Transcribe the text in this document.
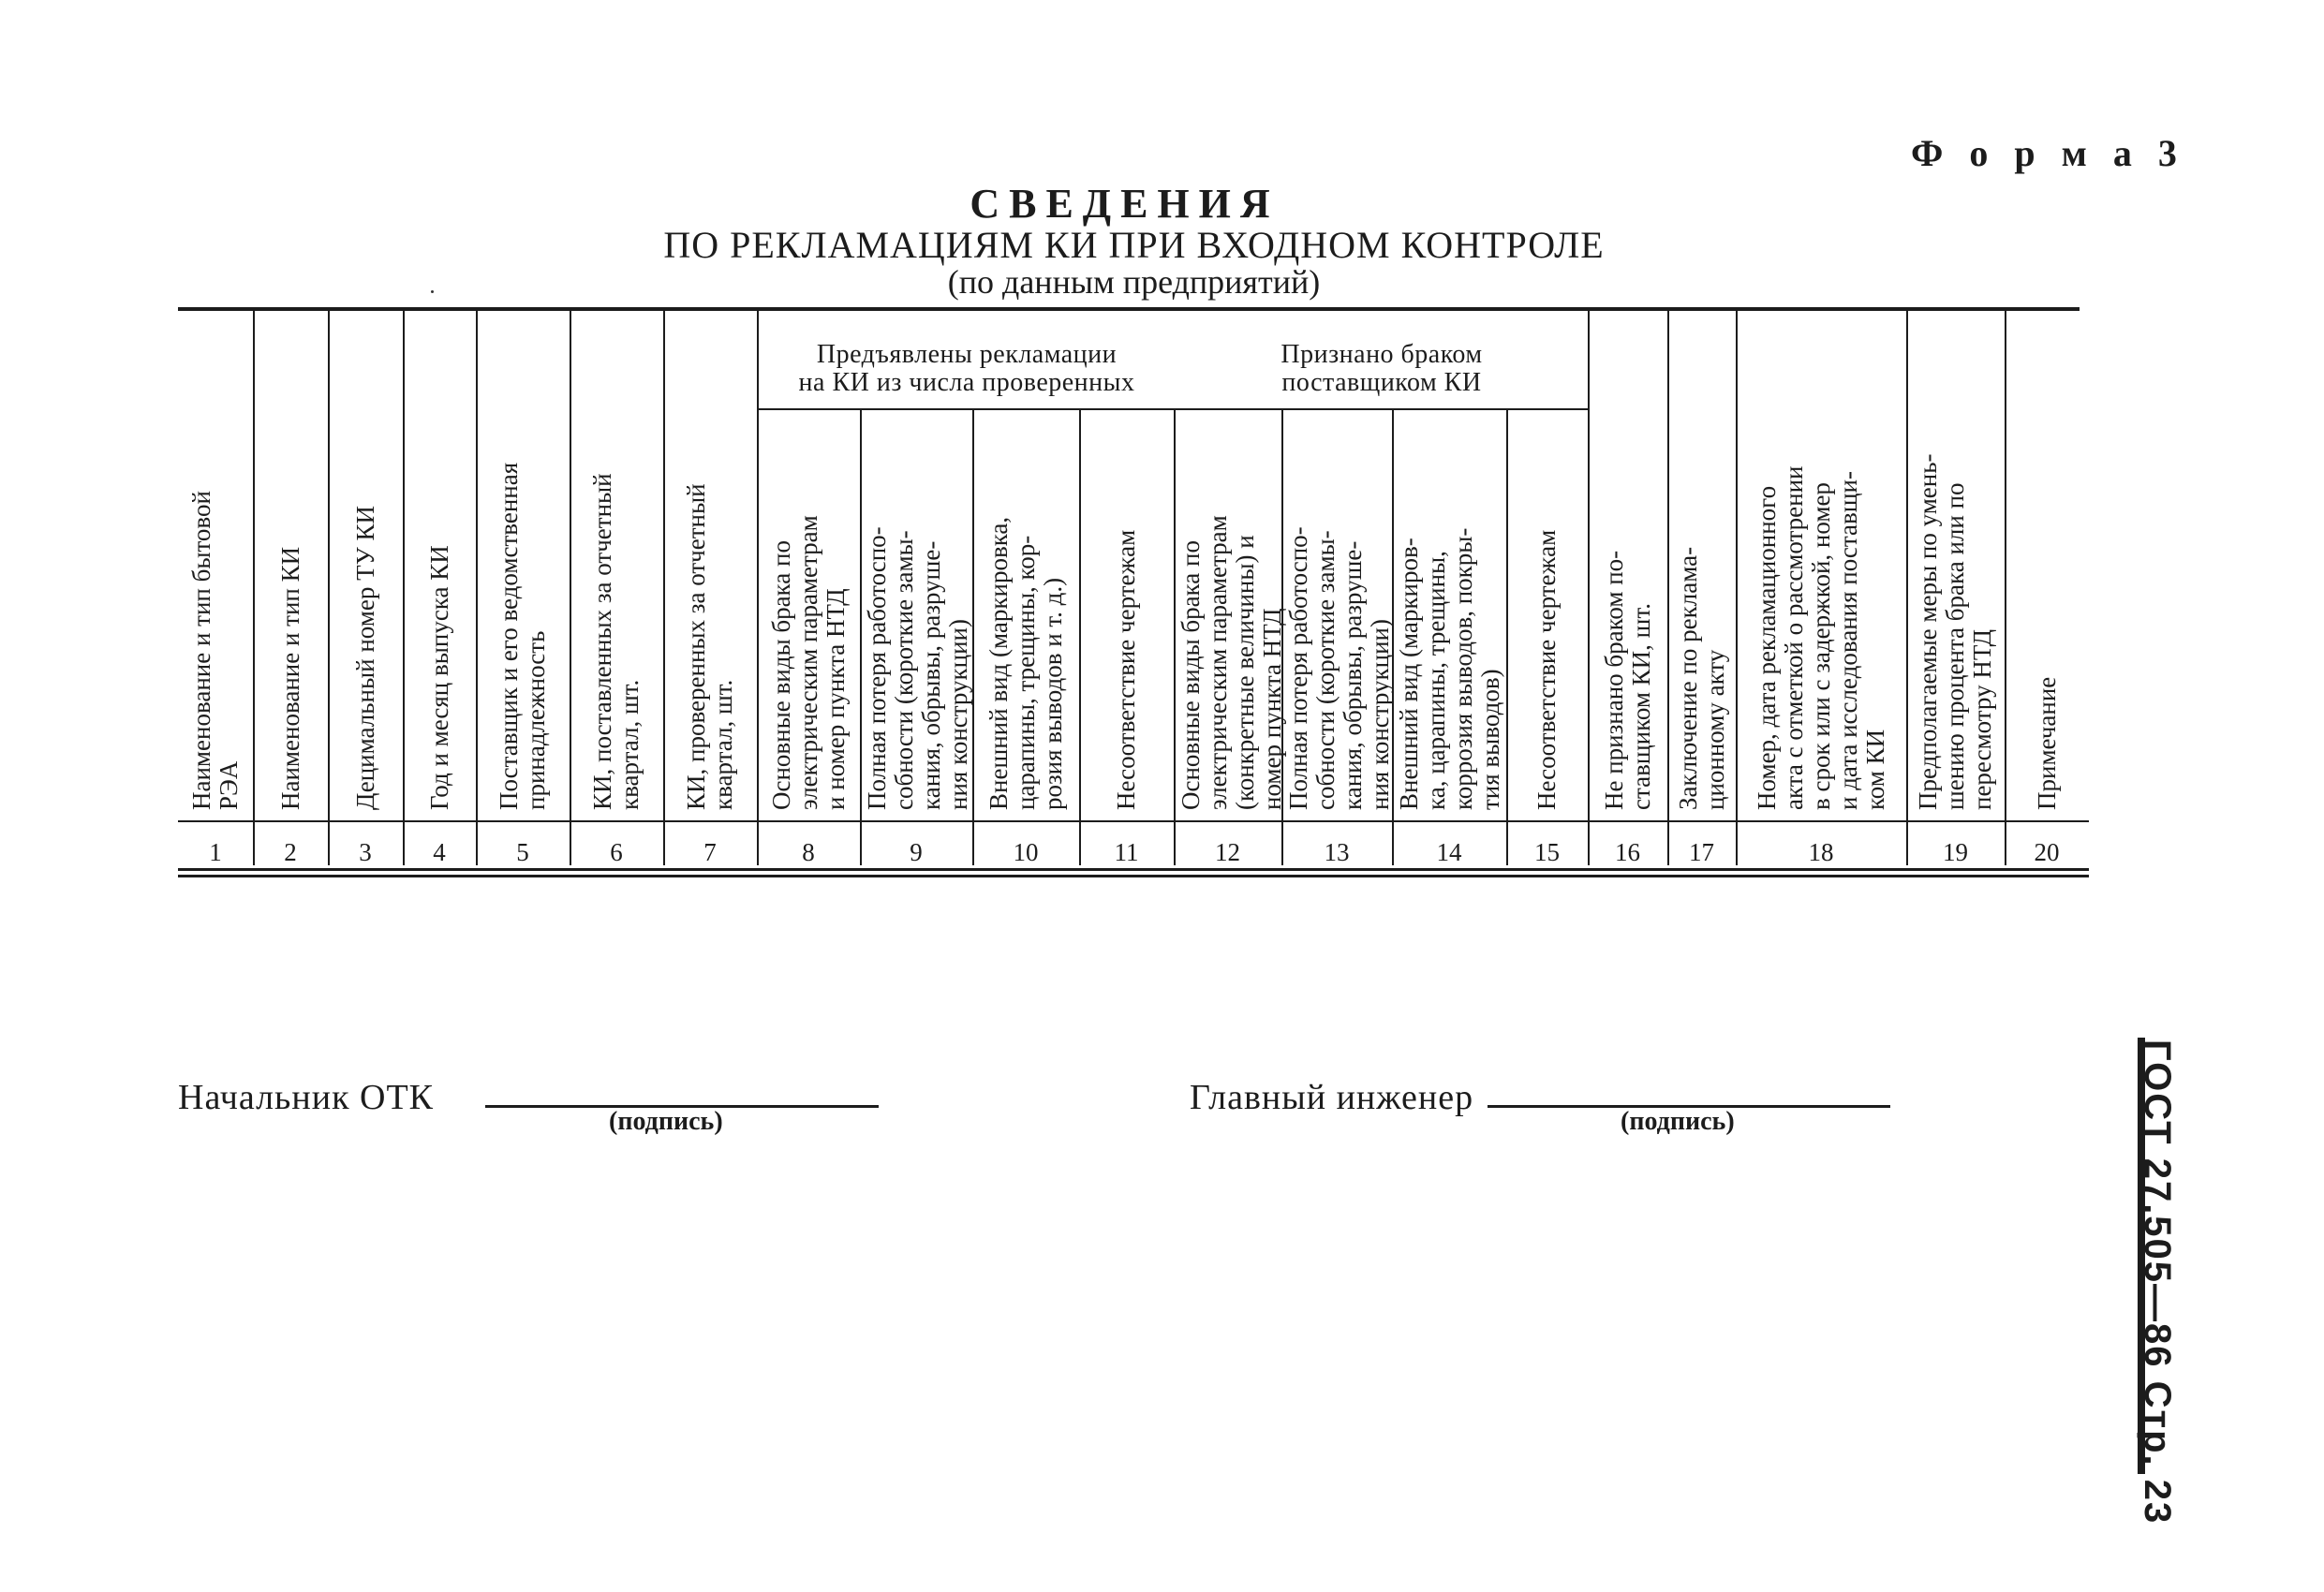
Ф о р м а 3
СВЕДЕНИЯ
ПО РЕКЛАМАЦИЯМ КИ ПРИ ВХОДНОМ КОНТРОЛЕ
(по данным предприятий)
Предъявлены рекламации
на КИ из числа проверенных
Признано браком
поставщиком КИ
Наименование и тип бытовой
РЭА
1
Наименование и тип КИ
2
Децимальный номер ТУ КИ
3
Год и месяц выпуска КИ
4
Поставщик и его ведомственная
принадлежность
5
КИ, поставленных за отчетный
квартал, шт.
6
КИ, проверенных за отчетный
квартал, шт.
7
Основные виды брака по
электрическим параметрам
и номер пункта НТД
8
Полная потеря работоспо-
собности (короткие замы-
кания, обрывы, разруше-
ния конструкции)
9
Внешний вид (маркировка,
царапины, трещины, кор-
розия выводов и т. д.)
10
Несоответствие чертежам
11
Основные виды брака по
электрическим параметрам
(конкретные величины) и
номер пункта НТД
12
Полная потеря работоспо-
собности (короткие замы-
кания, обрывы, разруше-
ния конструкции)
13
Внешний вид (маркиров-
ка, царапины, трещины,
коррозия выводов, покры-
тия выводов)
14
Несоответствие чертежам
15
Не признано браком по-
ставщиком КИ, шт.
16
Заключение по реклама-
ционному акту
17
Номер, дата рекламационного
акта с отметкой о рассмотрении
в срок или с задержкой, номер
и дата исследования поставщи-
ком КИ
18
Предполагаемые меры по умень-
шению процента брака или по
пересмотру НТД
19
Примечание
20
Начальник ОТК
(подпись)
Главный инженер
(подпись)	ГОСТ 27.505—86 Стр. 23
